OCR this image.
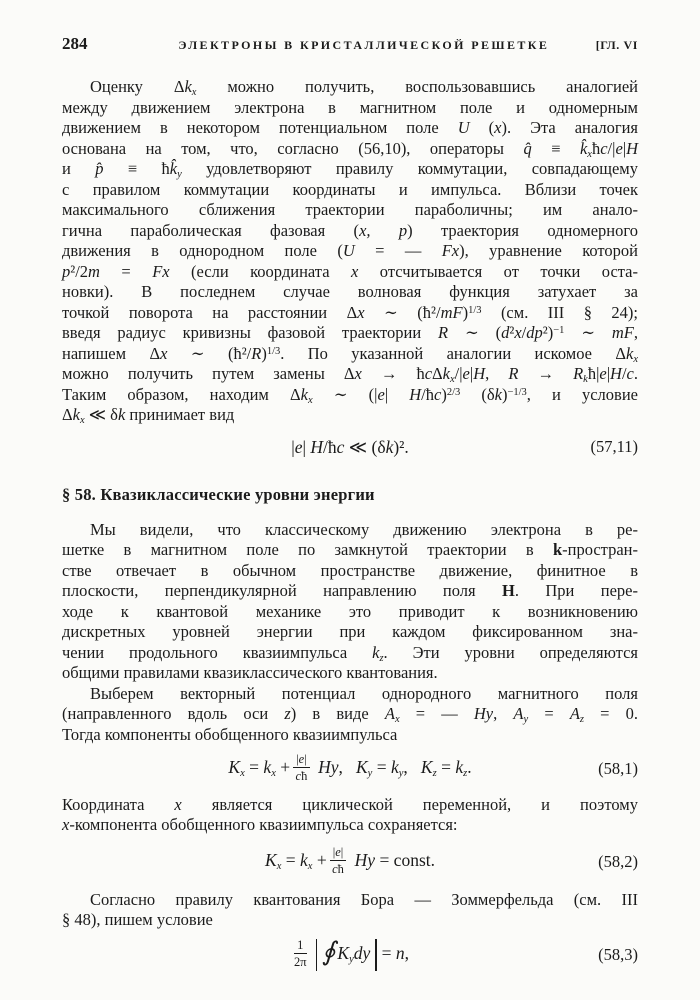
284	ЭЛЕКТРОНЫ В КРИСТАЛЛИЧЕСКОЙ РЕШЕТКЕ	[ГЛ. VI
Оценку $\Delta k_x$ можно получить, воспользовавшись аналогией
между движением электрона в магнитном поле и одномерным
движением в некотором потенциальном поле U (x). Эта аналогия
основана на том, что, согласно (56,10), операторы q̂ ≡ $k̂_xħc/|e|H$
и p̂ ≡ $ħk̂_y$ удовлетворяют правилу коммутации, совпадающему
с правилом коммутации координаты и импульса. Вблизи точек
максимального сближения траектории параболичны; им анало-
гична параболическая фазовая (x, p) траектория одномерного
движения в однородном поле (U = — Fx), уравнение которой
p²/2m = Fx (если координата x отсчитывается от точки оста-
новки). В последнем случае волновая функция затухает за
точкой поворота на расстоянии Δx ∼ (ħ²/mF)$^{1/3}$ (см. III § 24);
введя радиус кривизны фазовой траектории R ∼ $(d^2x/dp^2)^{-1}$ ∼ mF,
напишем Δx ∼ (ħ²/R)$^{1/3}$. По указанной аналогии искомое $\Delta k_x$
можно получить путем замены Δx → ħcΔk$_x$/|e|H, $R \to R_kħ|e|H/c$.
Таким образом, находим $\Delta k_x$ ∼ (|e| H/ħc)$^{2/3}$ $(\delta k)^{-1/3}$, и условие
$\Delta k_x$ ≪ δk принимает вид
|e| H/ħc ≪ (δk)².	(57,11)
§ 58. Квазиклассические уровни энергии
Мы видели, что классическому движению электрона в ре-
шетке в магнитном поле по замкнутой траектории в k-простран-
стве отвечает в обычном пространстве движение, финитное в
плоскости, перпендикулярной направлению поля H. При пере-
ходе к квантовой механике это приводит к возникновению
дискретных уровней энергии при каждом фиксированном зна-
чении продольного квазиимпульса $k_z$. Эти уровни определяются
общими правилами квазиклассического квантования.
Выберем векторный потенциал однородного магнитного поля
(направленного вдоль оси z) в виде $A_x$ = — Hy, $A_y = A_z = 0$.
Тогда компоненты обобщенного квазиимпульса
$K_x = k_x + \frac{|e|}{cħ} Hy$,   $K_y = k_y$,   $K_z = k_z$.	(58,1)
Координата x является циклической переменной, и поэтому
x-компонента обобщенного квазиимпульса сохраняется:
$K_x = k_x + \frac{|e|}{cħ}$ Hy = const.	(58,2)
Согласно правилу квантования Бора — Зоммерфельда (см. III
§ 48), пишем условие
$\frac{1}{2\pi}$ ∮ $K_ydy = n$,	(58,3)
